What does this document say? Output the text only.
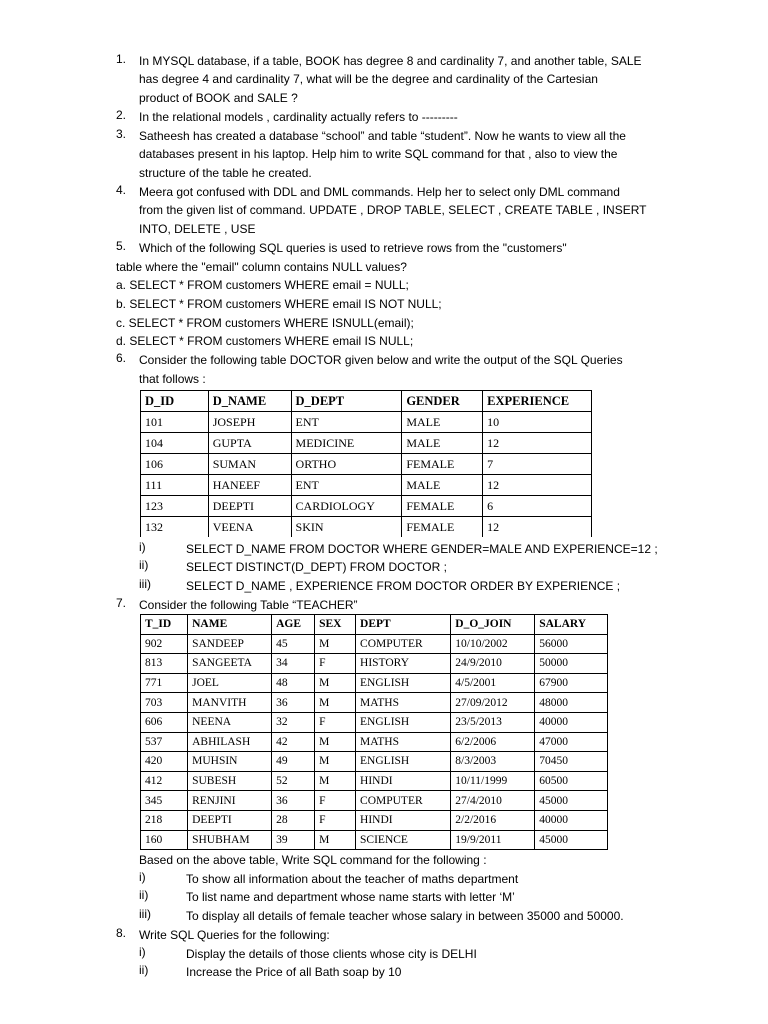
1. In MYSQL database, if a table, BOOK has degree 8 and cardinality 7, and another table, SALE
has degree 4 and cardinality 7, what will be the degree and cardinality of the Cartesian
product of BOOK and SALE ?
2. In the relational models , cardinality actually refers to ---------
3. Satheesh has created a database “school” and table “student”. Now he wants to view all the
databases present in his laptop. Help him to write SQL command for that , also to view the
structure of the table he created.
4. Meera got confused with DDL and DML commands. Help her to select only DML command
from the given list of command. UPDATE , DROP TABLE, SELECT , CREATE TABLE , INSERT
INTO, DELETE , USE
5. Which of the following SQL queries is used to retrieve rows from the "customers"
table where the "email" column contains NULL values?
a. SELECT * FROM customers WHERE email = NULL;
b. SELECT * FROM customers WHERE email IS NOT NULL;
c. SELECT * FROM customers WHERE ISNULL(email);
d. SELECT * FROM customers WHERE email IS NULL;
6. Consider the following table DOCTOR given below and write the output of the SQL Queries
that follows :
D_ID	D_NAME	D_DEPT	GENDER	EXPERIENCE
101	JOSEPH	ENT	MALE	10
104	GUPTA	MEDICINE	MALE	12
106	SUMAN	ORTHO	FEMALE	7
111	HANEEF	ENT	MALE	12
123	DEEPTI	CARDIOLOGY	FEMALE	6
132	VEENA	SKIN	FEMALE	12
i)	SELECT D_NAME FROM DOCTOR WHERE GENDER=MALE AND EXPERIENCE=12 ;
ii)	SELECT DISTINCT(D_DEPT) FROM DOCTOR ;
iii)	SELECT D_NAME , EXPERIENCE FROM DOCTOR ORDER BY EXPERIENCE ;
7. Consider the following Table “TEACHER”
T_ID	NAME	AGE	SEX	DEPT	D_O_JOIN	SALARY
902	SANDEEP	45	M	COMPUTER	10/10/2002	56000
813	SANGEETA	34	F	HISTORY	24/9/2010	50000
771	JOEL	48	M	ENGLISH	4/5/2001	67900
703	MANVITH	36	M	MATHS	27/09/2012	48000
606	NEENA	32	F	ENGLISH	23/5/2013	40000
537	ABHILASH	42	M	MATHS	6/2/2006	47000
420	MUHSIN	49	M	ENGLISH	8/3/2003	70450
412	SUBESH	52	M	HINDI	10/11/1999	60500
345	RENJINI	36	F	COMPUTER	27/4/2010	45000
218	DEEPTI	28	F	HINDI	2/2/2016	40000
160	SHUBHAM	39	M	SCIENCE	19/9/2011	45000
Based on the above table, Write SQL command for the following :
i)	To show all information about the teacher of maths department
ii)	To list name and department whose name starts with letter ‘M’
iii)	To display all details of female teacher whose salary in between 35000 and 50000.
8. Write SQL Queries for the following:
i)	Display the details of those clients whose city is DELHI
ii)	Increase the Price of all Bath soap by 10
